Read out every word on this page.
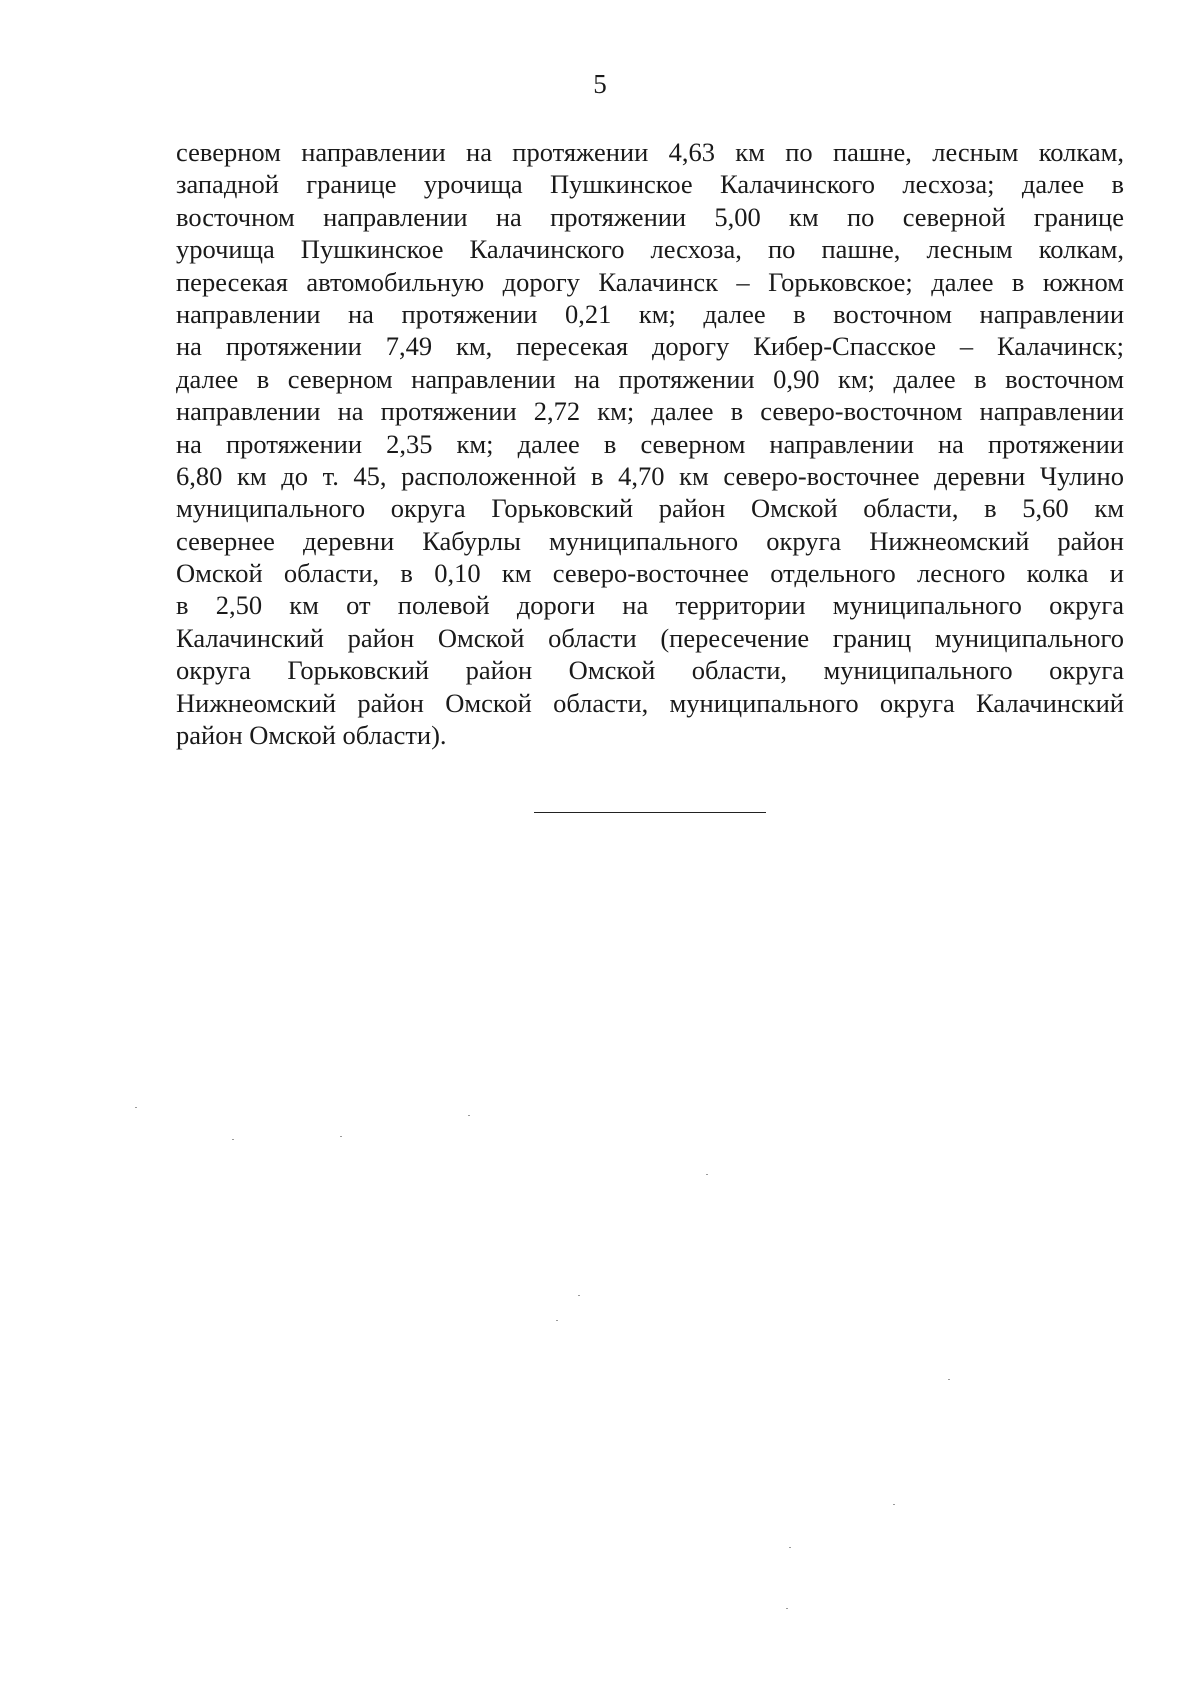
5
северном направлении на протяжении 4,63 км по пашне, лесным колкам,
западной границе урочища Пушкинское Калачинского лесхоза; далее в
восточном направлении на протяжении 5,00 км по северной границе
урочища Пушкинское Калачинского лесхоза, по пашне, лесным колкам,
пересекая автомобильную дорогу Калачинск – Горьковское; далее в южном
направлении на протяжении 0,21 км; далее в восточном направлении
на протяжении 7,49 км, пересекая дорогу Кибер-Спасское – Калачинск;
далее в северном направлении на протяжении 0,90 км; далее в восточном
направлении на протяжении 2,72 км; далее в северо-восточном направлении
на протяжении 2,35 км; далее в северном направлении на протяжении
6,80 км до т. 45, расположенной в 4,70 км северо-восточнее деревни Чулино
муниципального округа Горьковский район Омской области, в 5,60 км
севернее деревни Кабурлы муниципального округа Нижнеомский район
Омской области, в 0,10 км северо-восточнее отдельного лесного колка и
в 2,50 км от полевой дороги на территории муниципального округа
Калачинский район Омской области (пересечение границ муниципального
округа Горьковский район Омской области, муниципального округа
Нижнеомский район Омской области, муниципального округа Калачинский
район Омской области).
